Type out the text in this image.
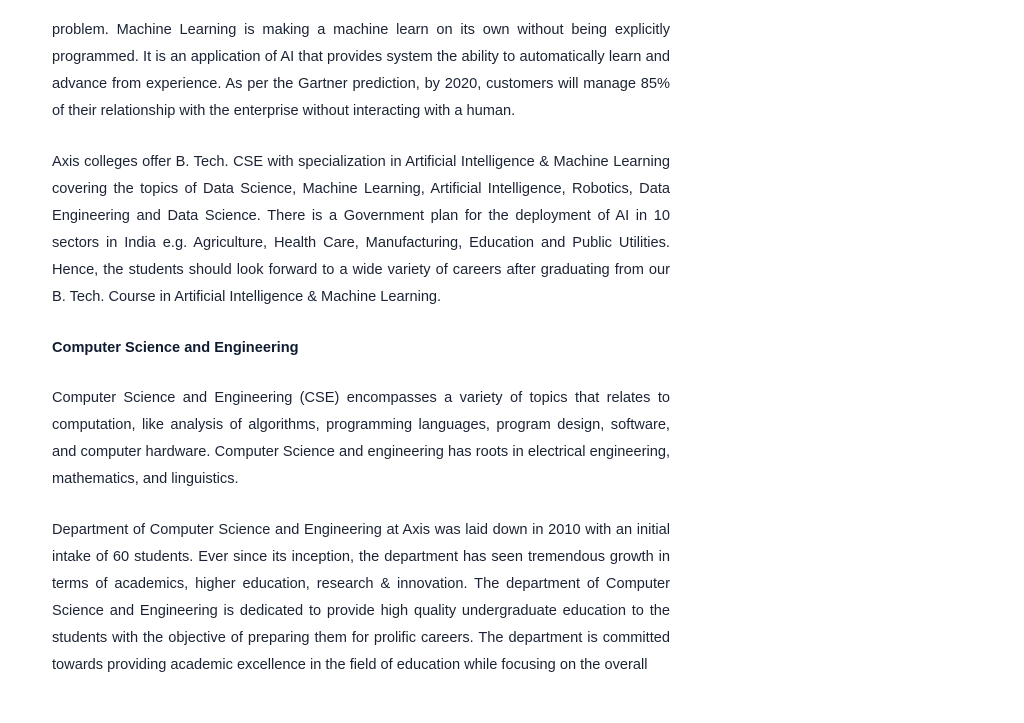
problem. Machine Learning is making a machine learn on its own without being explicitly programmed. It is an application of AI that provides system the ability to automatically learn and advance from experience. As per the Gartner prediction, by 2020, customers will manage 85% of their relationship with the enterprise without interacting with a human.

Axis colleges offer B. Tech. CSE with specialization in Artificial Intelligence & Machine Learning covering the topics of Data Science, Machine Learning, Artificial Intelligence, Robotics, Data Engineering and Data Science. There is a Government plan for the deployment of AI in 10 sectors in India e.g. Agriculture, Health Care, Manufacturing, Education and Public Utilities. Hence, the students should look forward to a wide variety of careers after graduating from our B. Tech. Course in Artificial Intelligence & Machine Learning.

Computer Science and Engineering

Computer Science and Engineering (CSE) encompasses a variety of topics that relates to computation, like analysis of algorithms, programming languages, program design, software, and computer hardware. Computer Science and engineering has roots in electrical engineering, mathematics, and linguistics.

Department of Computer Science and Engineering at Axis was laid down in 2010 with an initial intake of 60 students. Ever since its inception, the department has seen tremendous growth in terms of academics, higher education, research & innovation. The department of Computer Science and Engineering is dedicated to provide high quality undergraduate education to the students with the objective of preparing them for prolific careers. The department is committed towards providing academic excellence in the field of education while focusing on the overall
